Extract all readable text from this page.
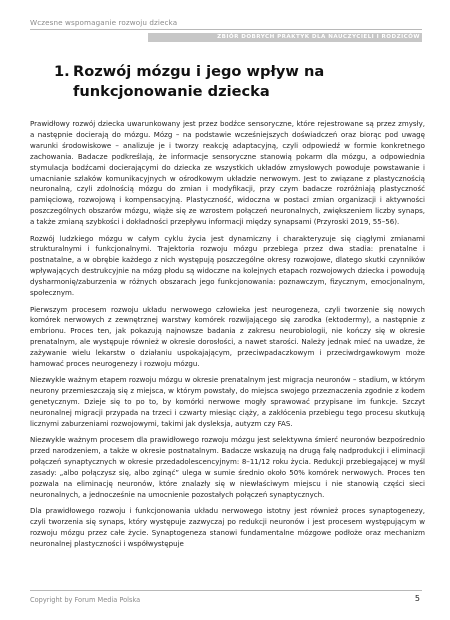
Wczesne wspomaganie rozwoju dziecka
ZBIÓR DOBRYCH PRAKTYK DLA NAUCZYCIELI I RODZICÓW
1. Rozwój mózgu i jego wpływ na funkcjonowanie dziecka

Prawidłowy rozwój dziecka uwarunkowany jest przez bodźce sensoryczne, które rejestrowane są przez zmysły, a następnie docierają do mózgu. Mózg – na podstawie wcześniejszych doświadczeń oraz biorąc pod uwagę warunki środowiskowe – analizuje je i tworzy reakcję adaptacyjną, czyli odpowiedź w formie konkretnego zachowania. Badacze podkreślają, że informacje sensoryczne stanowią pokarm dla mózgu, a odpowiednia stymulacja bodźcami docierającymi do dziecka ze wszystkich układów zmysłowych powoduje powstawanie i umacnianie szlaków komunikacyjnych w ośrodkowym układzie nerwowym. Jest to związane z plastycznością neuronalną, czyli zdolnością mózgu do zmian i modyfikacji, przy czym badacze rozróżniają plastyczność pamięciową, rozwojową i kompensacyjną. Plastyczność, widoczna w postaci zmian organizacji i aktywności poszczególnych obszarów mózgu, wiąże się ze wzrostem połączeń neuronalnych, zwiększeniem liczby synaps, a także zmianą szybkości i dokładności przepływu informacji między synapsami (Przyroski 2019, 55–56).

Rozwój ludzkiego mózgu w całym cyklu życia jest dynamiczny i charakteryzuje się ciągłymi zmianami strukturalnymi i funkcjonalnymi. Trajektoria rozwoju mózgu przebiega przez dwa stadia: prenatalne i postnatalne, a w obrębie każdego z nich występują poszczególne okresy rozwojowe, dlatego skutki czynników wpływających destrukcyjnie na mózg płodu są widoczne na kolejnych etapach rozwojowych dziecka i powodują dysharmonię/zaburzenia w różnych obszarach jego funkcjonowania: poznawczym, fizycznym, emocjonalnym, społecznym.

Pierwszym procesem rozwoju układu nerwowego człowieka jest neurogeneza, czyli tworzenie się nowych komórek nerwowych z zewnętrznej warstwy komórek rozwijającego się zarodka (ektodermy), a następnie z embrionu. Proces ten, jak pokazują najnowsze badania z zakresu neurobiologii, nie kończy się w okresie prenatalnym, ale występuje również w okresie dorosłości, a nawet starości. Należy jednak mieć na uwadze, że zażywanie wielu lekarstw o działaniu uspokajającym, przeciwpadaczkowym i przeciwdrgawkowym może hamować proces neurogenezy i rozwoju mózgu.

Niezwykle ważnym etapem rozwoju mózgu w okresie prenatalnym jest migracja neuronów – stadium, w którym neurony przemieszczają się z miejsca, w którym powstały, do miejsca swojego przeznaczenia zgodnie z kodem genetycznym. Dzieje się to po to, by komórki nerwowe mogły sprawować przypisane im funkcje. Szczyt neuronalnej migracji przypada na trzeci i czwarty miesiąc ciąży, a zakłócenia przebiegu tego procesu skutkują licznymi zaburzeniami rozwojowymi, takimi jak dysleksja, autyzm czy FAS.

Niezwykle ważnym procesem dla prawidłowego rozwoju mózgu jest selektywna śmierć neuronów bezpośrednio przed narodzeniem, a także w okresie postnatalnym. Badacze wskazują na drugą falę nadprodukcji i eliminacji połączeń synaptycznych w okresie przedadolescencyjnym: 8–11/12 roku życia. Redukcji przebiegającej w myśl zasady: „albo połączysz się, albo zginąć” ulega w sumie średnio około 50% komórek nerwowych. Proces ten pozwala na eliminację neuronów, które znalazły się w niewłaściwym miejscu i nie stanowią części sieci neuronalnych, a jednocześnie na umocnienie pozostałych połączeń synaptycznych.

Dla prawidłowego rozwoju i funkcjonowania układu nerwowego istotny jest również proces synaptogenezy, czyli tworzenia się synaps, który występuje zazwyczaj po redukcji neuronów i jest procesem występującym w rozwoju mózgu przez całe życie. Synaptogeneza stanowi fundamentalne mózgowe podłoże oraz mechanizm neuronalnej plastyczności i współwystępuje

Copyright by Forum Media Polska	5
